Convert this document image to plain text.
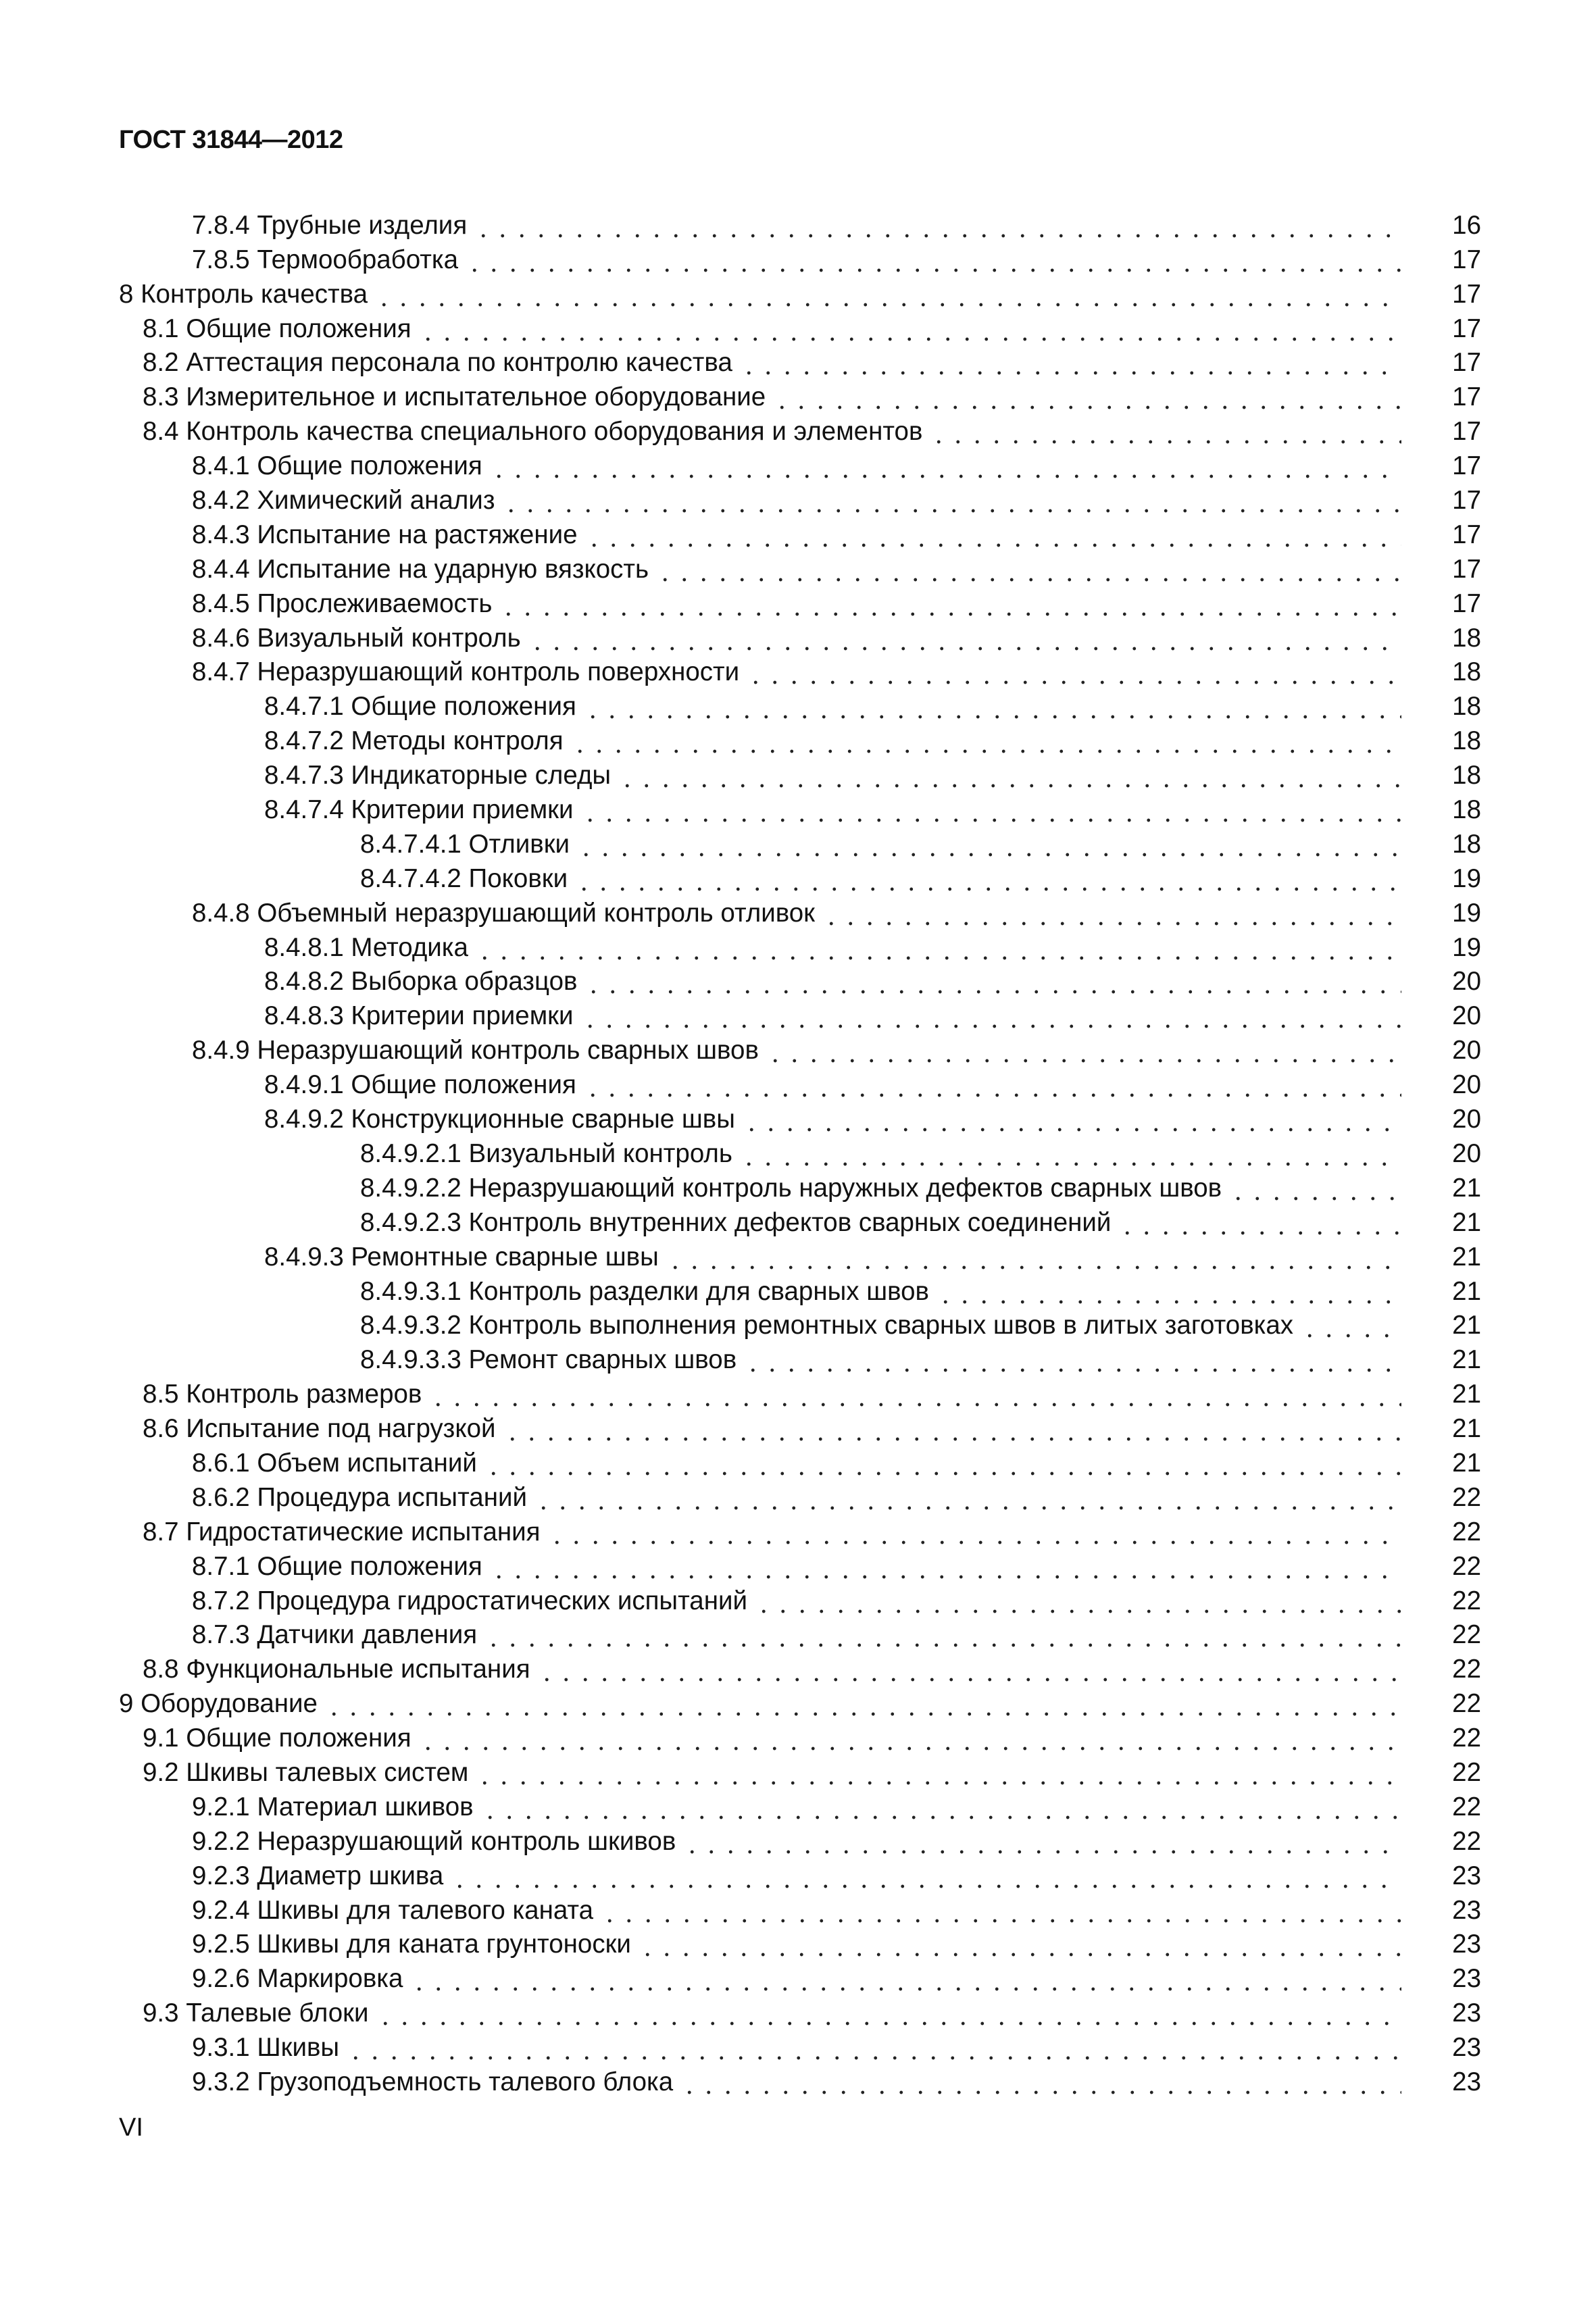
ГОСТ 31844—2012
7.8.4 Трубные изделия	16
7.8.5 Термообработка	17
8 Контроль качества	17
8.1 Общие положения	17
8.2 Аттестация персонала по контролю качества	17
8.3 Измерительное и испытательное оборудование	17
8.4 Контроль качества специального оборудования и элементов	17
8.4.1 Общие положения	17
8.4.2 Химический анализ	17
8.4.3 Испытание на растяжение	17
8.4.4 Испытание на ударную вязкость	17
8.4.5 Прослеживаемость	17
8.4.6 Визуальный контроль	18
8.4.7 Неразрушающий контроль поверхности	18
8.4.7.1 Общие положения	18
8.4.7.2 Методы контроля	18
8.4.7.3 Индикаторные следы	18
8.4.7.4 Критерии приемки	18
8.4.7.4.1 Отливки	18
8.4.7.4.2 Поковки	19
8.4.8 Объемный неразрушающий контроль отливок	19
8.4.8.1 Методика	19
8.4.8.2 Выборка образцов	20
8.4.8.3 Критерии приемки	20
8.4.9 Неразрушающий контроль сварных швов	20
8.4.9.1 Общие положения	20
8.4.9.2 Конструкционные сварные швы	20
8.4.9.2.1 Визуальный контроль	20
8.4.9.2.2 Неразрушающий контроль наружных дефектов сварных швов	21
8.4.9.2.3 Контроль внутренних дефектов сварных соединений	21
8.4.9.3 Ремонтные сварные швы	21
8.4.9.3.1 Контроль разделки для сварных швов	21
8.4.9.3.2 Контроль выполнения ремонтных сварных швов в литых заготовках	21
8.4.9.3.3 Ремонт сварных швов	21
8.5 Контроль размеров	21
8.6 Испытание под нагрузкой	21
8.6.1 Объем испытаний	21
8.6.2 Процедура испытаний	22
8.7 Гидростатические испытания	22
8.7.1 Общие положения	22
8.7.2 Процедура гидростатических испытаний	22
8.7.3 Датчики давления	22
8.8 Функциональные испытания	22
9 Оборудование	22
9.1 Общие положения	22
9.2 Шкивы талевых систем	22
9.2.1 Материал шкивов	22
9.2.2 Неразрушающий контроль шкивов	22
9.2.3 Диаметр шкива	23
9.2.4 Шкивы для талевого каната	23
9.2.5 Шкивы для каната грунтоноски	23
9.2.6 Маркировка	23
9.3 Талевые блоки	23
9.3.1 Шкивы	23
9.3.2 Грузоподъемность талевого блока	23
VI
